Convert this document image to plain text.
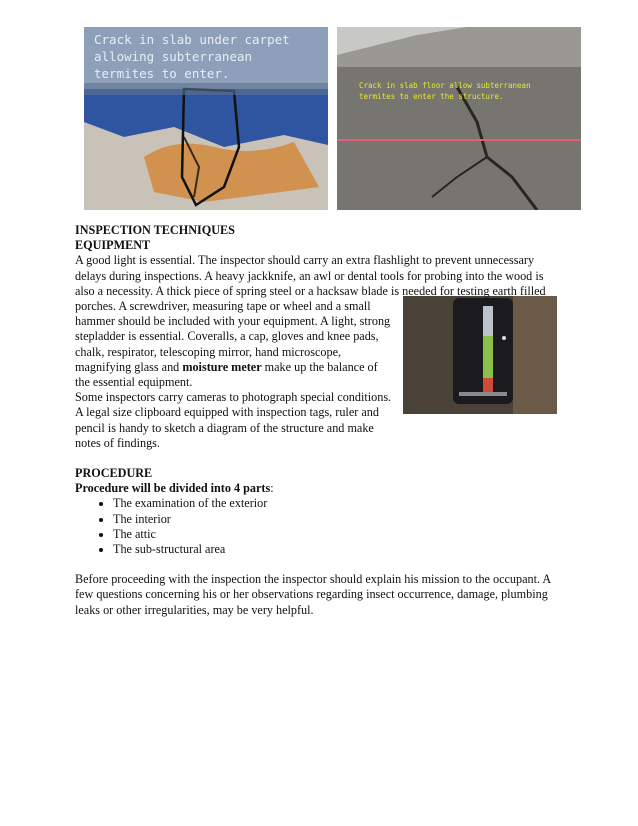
Crack in slab under carpet
allowing subterranean
termites to enter.
Crack in slab floor allow subterranean
termites to enter the structure.

INSPECTION TECHNIQUES

EQUIPMENT

A good light is essential. The inspector should carry an extra flashlight to prevent unnecessary delays during inspections. A heavy jackknife, an awl or dental tools for probing into the wood is also a necessity. A thick piece of spring steel or a hacksaw blade is needed for testing earth filled

porches. A screwdriver, measuring tape or wheel and a small hammer should be included with your equipment. A light, strong stepladder is essential. Coveralls, a cap, gloves and knee pads, chalk, respirator, telescoping mirror, hand microscope, magnifying glass and moisture meter make up the balance of the essential equipment.

Some inspectors carry cameras to photograph special conditions. A legal size clipboard equipped with inspection tags, ruler and pencil is handy to sketch a diagram of the structure and make notes of findings.

PROCEDURE

Procedure will be divided into 4 parts:

• The examination of the exterior
• The interior
• The attic
• The sub-structural area

Before proceeding with the inspection the inspector should explain his mission to the occupant. A few questions concerning his or her observations regarding insect occurrence, damage, plumbing leaks or other irregularities, may be very helpful.
